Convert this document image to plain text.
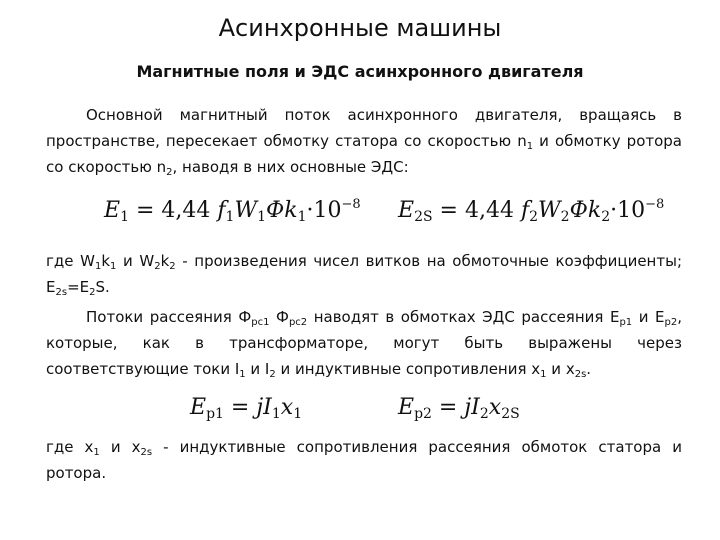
Асинхронные машины
Магнитные поля и ЭДС асинхронного двигателя
Основной магнитный поток асинхронного двигателя, вращаясь в пространстве, пересекает обмотку статора со скоростью $n_1$ и обмотку ротора со скоростью $n_2$, наводя в них основные ЭДС:
$E_1 = 4,44$ $f_1W_1Фk_1\cdot 10^{-8}$ $E_{2S} = 4,44$ $f_2W_2Фk_2\cdot 10^{-8}$
где $W_1k_1$ и $W_2k_2$ - произведения чисел витков на обмоточные коэффициенты; $E_{2s}=E_2S$.
Потоки рассеяния $Ф_{рс1}$ $Ф_{рс2}$ наводят в обмотках ЭДС рассеяния $Е_{р1}$ и $Е_{р2}$, которые, как в трансформаторе, могут быть выражены через соответствующие токи $I_1$ и $I_2$ и индуктивные сопротивления $x_1$ и $x_{2s}$.
$E_{p1} = jI_1x_1$	$E_{p2} = jI_2x_{2S}$
где $x_1$ и $x_{2s}$ - индуктивные сопротивления рассеяния обмоток статора и ротора.
